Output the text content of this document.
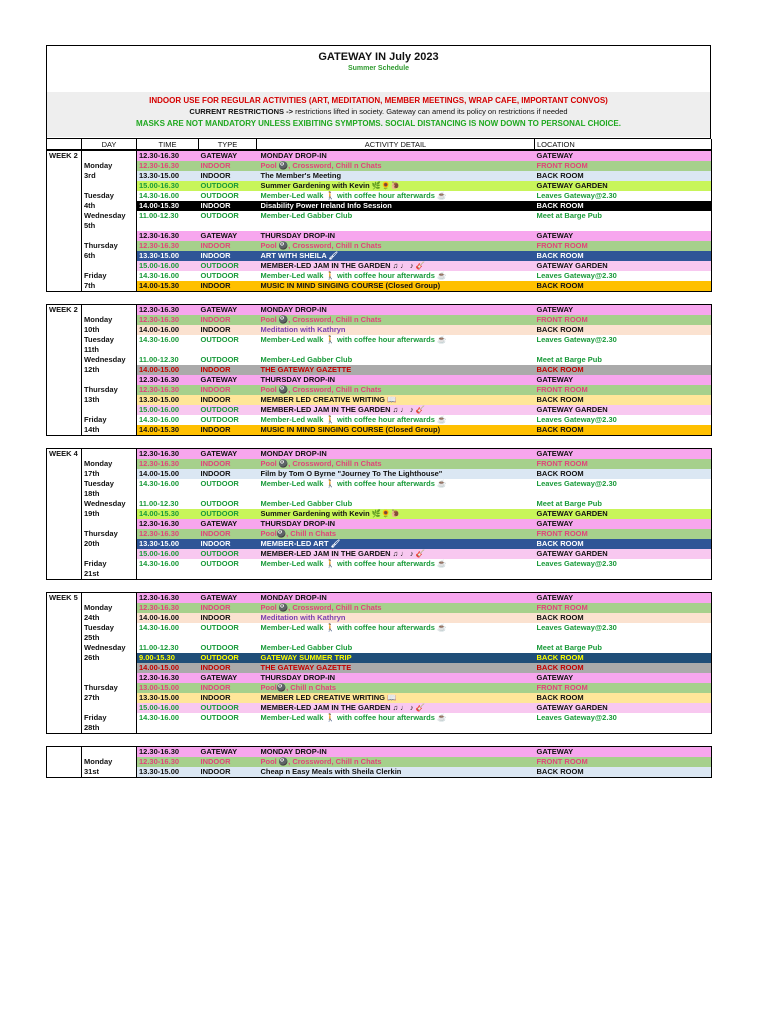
GATEWAY IN July 2023
Summer Schedule
INDOOR USE FOR REGULAR ACTIVITIES (ART, MEDITATION, MEMBER MEETINGS, WRAP CAFE, IMPORTANT CONVOS)
CURRENT RESTRICTIONS -> restrictions lifted in society. Gateway can amend its policy on restrictions if needed
MASKS ARE NOT MANDATORY UNLESS EXIBITING SYMPTOMS. SOCIAL DISTANCING IS NOW DOWN TO PERSONAL CHOICE.
	DAY	TIME	TYPE	ACTIVITY DETAIL	LOCATION
WEEK 2		12.30-16.30	GATEWAY	MONDAY DROP-IN	GATEWAY
	Monday	12.30-16.30	INDOOR	Pool 🎱, Crossword, Chill n Chats	FRONT ROOM
	3rd	13.30-15.00	INDOOR	The Member's Meeting	BACK ROOM
		15.00-16.30	OUTDOOR	Summer Gardening with Kevin 🌿🌻🐌	GATEWAY GARDEN
	Tuesday	14.30-16.00	OUTDOOR	Member-Led walk 🚶 with coffee hour afterwards ☕	Leaves Gateway@2.30
	4th	14.00-15.30	INDOOR	Disability Power Ireland Info Session	BACK ROOM
	Wednesday	11.00-12.30	OUTDOOR	Member-Led Gabber Club	Meet at Barge Pub
	5th				
		12.30-16.30	GATEWAY	THURSDAY DROP-IN	GATEWAY
	Thursday	12.30-16.30	INDOOR	Pool 🎱, Crossword, Chill n Chats	FRONT ROOM
	6th	13.30-15.00	INDOOR	ART WITH SHEILA 🖌	BACK ROOM
		15.00-16.00	OUTDOOR	MEMBER-LED JAM IN THE GARDEN ♫ ♩ ♪ 🎸	GATEWAY GARDEN
	Friday	14.30-16.00	OUTDOOR	Member-Led walk 🚶 with coffee hour afterwards ☕	Leaves Gateway@2.30
	7th	14.00-15.30	INDOOR	MUSIC IN MIND SINGING COURSE (Closed Group)	BACK ROOM
WEEK 2		12.30-16.30	GATEWAY	MONDAY DROP-IN	GATEWAY
	Monday	12.30-16.30	INDOOR	Pool 🎱, Crossword, Chill n Chats	FRONT ROOM
	10th	14.00-16.00	INDOOR	Meditation with Kathryn	BACK ROOM
	Tuesday	14.30-16.00	OUTDOOR	Member-Led walk 🚶 with coffee hour afterwards ☕	Leaves Gateway@2.30
	11th				
	Wednesday	11.00-12.30	OUTDOOR	Member-Led Gabber Club	Meet at Barge Pub
	12th	14.00-15.00	INDOOR	THE GATEWAY GAZETTE	BACK ROOM
		12.30-16.30	GATEWAY	THURSDAY DROP-IN	GATEWAY
	Thursday	12.30-16.30	INDOOR	Pool 🎱, Crossword, Chill n Chats	FRONT ROOM
	13th	13.30-15.00	INDOOR	MEMBER LED CREATIVE WRITING 📖	BACK ROOM
		15.00-16.00	OUTDOOR	MEMBER-LED JAM IN THE GARDEN ♫ ♩ ♪ 🎸	GATEWAY GARDEN
	Friday	14.30-16.00	OUTDOOR	Member-Led walk 🚶 with coffee hour afterwards ☕	Leaves Gateway@2.30
	14th	14.00-15.30	INDOOR	MUSIC IN MIND SINGING COURSE (Closed Group)	BACK ROOM
WEEK 4		12.30-16.30	GATEWAY	MONDAY DROP-IN	GATEWAY
	Monday	12.30-16.30	INDOOR	Pool 🎱, Crossword, Chill n Chats	FRONT ROOM
	17th	14.00-15.00	INDOOR	Film by Tom O Byrne "Journey To The Lighthouse"	BACK ROOM
	Tuesday	14.30-16.00	OUTDOOR	Member-Led walk 🚶 with coffee hour afterwards ☕	Leaves Gateway@2.30
	18th				
	Wednesday	11.00-12.30	OUTDOOR	Member-Led Gabber Club	Meet at Barge Pub
	19th	14.00-15.30	OUTDOOR	Summer Gardening with Kevin 🌿🌻🐌	GATEWAY GARDEN
		12.30-16.30	GATEWAY	THURSDAY DROP-IN	GATEWAY
	Thursday	12.30-16.30	INDOOR	Pool🎱, Chill n Chats	FRONT ROOM
	20th	13.30-15.00	INDOOR	MEMBER-LED ART 🖌	BACK ROOM
		15.00-16.00	OUTDOOR	MEMBER-LED JAM IN THE GARDEN ♫ ♩ ♪ 🎸	GATEWAY GARDEN
	Friday	14.30-16.00	OUTDOOR	Member-Led walk 🚶 with coffee hour afterwards ☕	Leaves Gateway@2.30
	21st				
WEEK 5		12.30-16.30	GATEWAY	MONDAY DROP-IN	GATEWAY
	Monday	12.30-16.30	INDOOR	Pool 🎱, Crossword, Chill n Chats	FRONT ROOM
	24th	14.00-16.00	INDOOR	Meditation with Kathryn	BACK ROOM
	Tuesday	14.30-16.00	OUTDOOR	Member-Led walk 🚶 with coffee hour afterwards ☕	Leaves Gateway@2.30
	25th				
	Wednesday	11.00-12.30	OUTDOOR	Member-Led Gabber Club	Meet at Barge Pub
	26th	9.00-15.30	OUTDOOR	GATEWAY SUMMER TRIP	BACK ROOM
		14.00-15.00	INDOOR	THE GATEWAY GAZETTE	BACK ROOM
		12.30-16.30	GATEWAY	THURSDAY DROP-IN	GATEWAY
	Thursday	13.00-15.00	INDOOR	Pool🎱, Chill n Chats	FRONT ROOM
	27th	13.30-15.00	INDOOR	MEMBER LED CREATIVE WRITING 📖	BACK ROOM
		15.00-16.00	OUTDOOR	MEMBER-LED JAM IN THE GARDEN ♫ ♩ ♪ 🎸	GATEWAY GARDEN
	Friday	14.30-16.00	OUTDOOR	Member-Led walk 🚶 with coffee hour afterwards ☕	Leaves Gateway@2.30
	28th				
		12.30-16.30	GATEWAY	MONDAY DROP-IN	GATEWAY
	Monday	12.30-16.30	INDOOR	Pool 🎱, Crossword, Chill n Chats	FRONT ROOM
	31st	13.30-15.00	INDOOR	Cheap n Easy Meals with Sheila Clerkin	BACK ROOM
